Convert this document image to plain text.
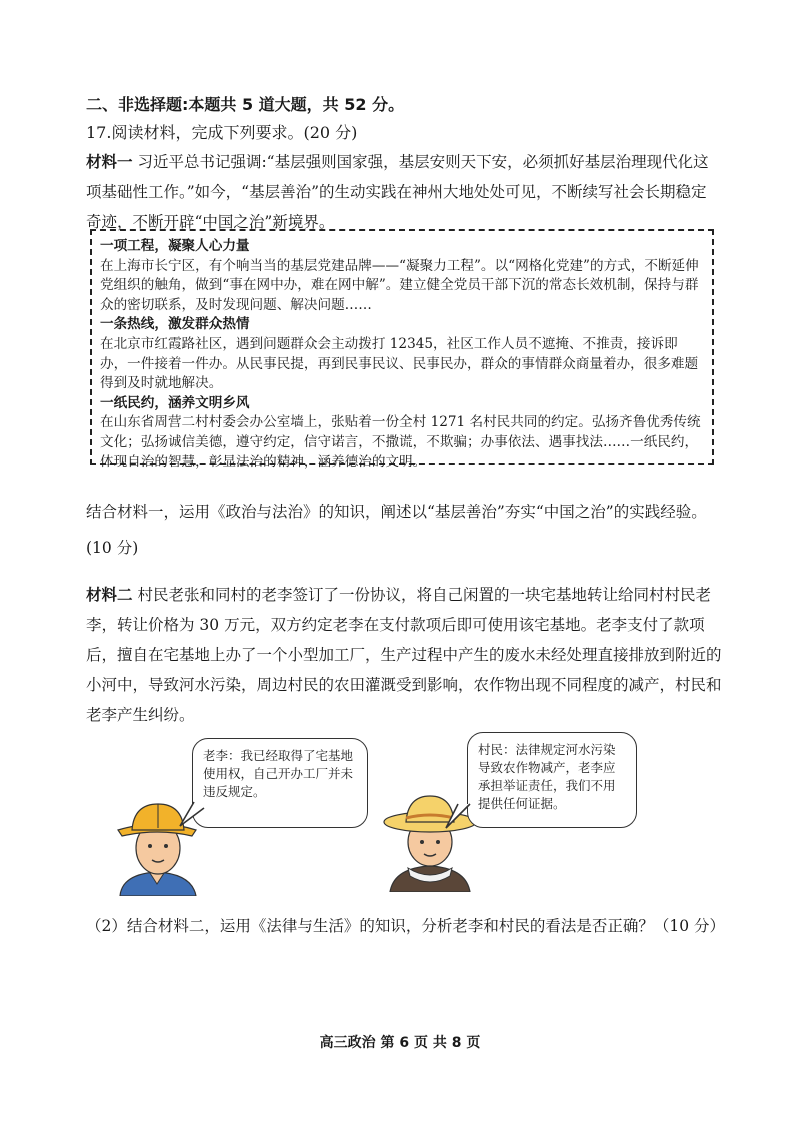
二、非选择题:本题共 5 道大题，共 52 分。
17.阅读材料，完成下列要求。(20 分)
材料一 习近平总书记强调:“基层强则国家强，基层安则天下安，必须抓好基层治理现代化这项基础性工作。”如今，“基层善治”的生动实践在神州大地处处可见，不断续写社会长期稳定奇迹，不断开辟“中国之治”新境界。

一项工程，凝聚人心力量

在上海市长宁区，有个响当当的基层党建品牌——“凝聚力工程”。以“网格化党建”的方式，不断延伸党组织的触角，做到“事在网中办，难在网中解”。建立健全党员干部下沉的常态长效机制，保持与群众的密切联系，及时发现问题、解决问题……

一条热线，激发群众热情

在北京市红霞路社区，遇到问题群众会主动拨打 12345，社区工作人员不遮掩、不推责，接诉即办，一件接着一件办。从民事民提，再到民事民议、民事民办，群众的事情群众商量着办，很多难题得到及时就地解决。

一纸民约，涵养文明乡风

在山东省周营二村村委会办公室墙上，张贴着一份全村 1271 名村民共同的约定。弘扬齐鲁优秀传统文化；弘扬诚信美德，遵守约定，信守诺言，不撒谎，不欺骗；办事依法、遇事找法……一纸民约，体现自治的智慧，彰显法治的精神，涵养德治的文明。

结合材料一，运用《政治与法治》的知识，阐述以“基层善治”夯实“中国之治”的实践经验。(10 分)
材料二 村民老张和同村的老李签订了一份协议，将自己闲置的一块宅基地转让给同村村民老李，转让价格为 30 万元，双方约定老李在支付款项后即可使用该宅基地。老李支付了款项后，擅自在宅基地上办了一个小型加工厂，生产过程中产生的废水未经处理直接排放到附近的小河中，导致河水污染，周边村民的农田灌溉受到影响，农作物出现不同程度的减产，村民和老李产生纠纷。
老李：我已经取得了宅基地使用权，自己开办工厂并未违反规定。
村民：法律规定河水污染导致农作物减产，老李应承担举证责任，我们不用提供任何证据。
（2）结合材料二，运用《法律与生活》的知识，分析老李和村民的看法是否正确？（10 分）
高三政治 第 6 页 共 8 页
